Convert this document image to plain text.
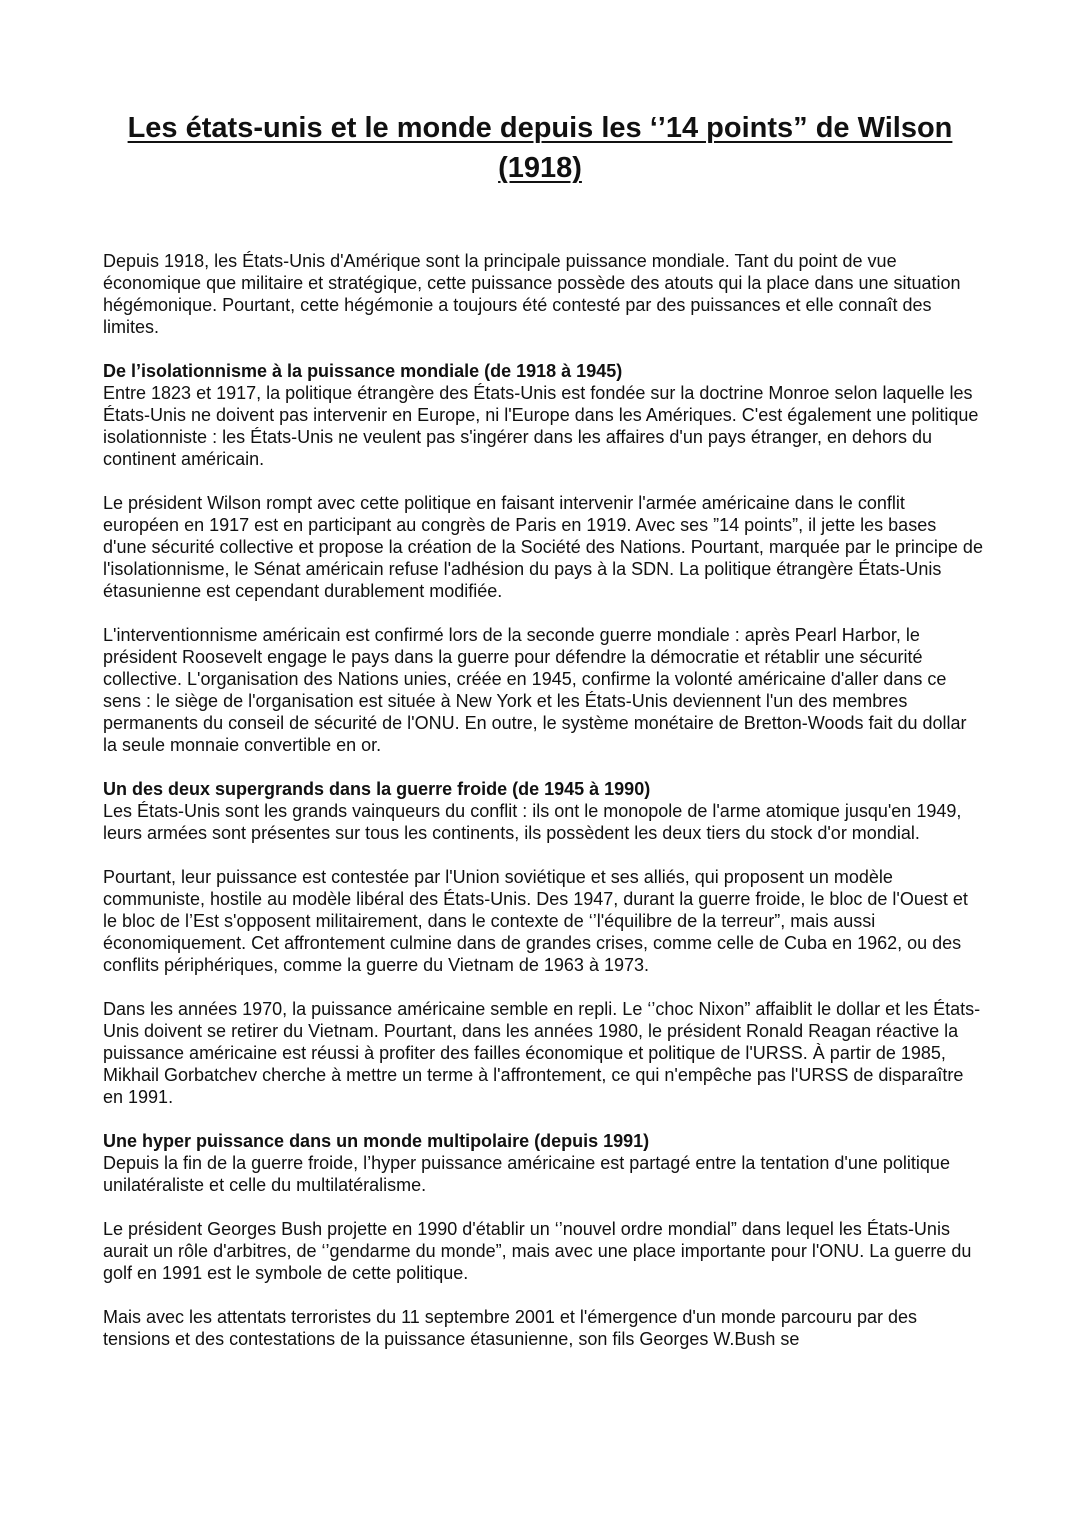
Les états-unis et le monde depuis les ‘’14 points” de Wilson (1918)

Depuis 1918, les États-Unis d'Amérique sont la principale puissance mondiale. Tant du point de vue économique que militaire et stratégique, cette puissance possède des atouts qui la place dans une situation hégémonique. Pourtant, cette hégémonie a toujours été contesté par des puissances et elle connaît des limites.

De l’isolationnisme à la puissance mondiale (de 1918 à 1945)

Entre 1823 et 1917, la politique étrangère des États-Unis est fondée sur la doctrine Monroe selon laquelle les États-Unis ne doivent pas intervenir en Europe, ni l'Europe dans les Amériques. C'est également une politique isolationniste : les États-Unis ne veulent pas s'ingérer dans les affaires d'un pays étranger, en dehors du continent américain.

Le président Wilson rompt avec cette politique en faisant intervenir l'armée américaine dans le conflit européen en 1917 est en participant au congrès de Paris en 1919. Avec ses ”14 points”, il jette les bases d'une sécurité collective et propose la création de la Société des Nations. Pourtant, marquée par le principe de l'isolationnisme, le Sénat américain refuse l'adhésion du pays à la SDN. La politique étrangère États-Unis étasunienne est cependant durablement modifiée.

L'interventionnisme américain est confirmé lors de la seconde guerre mondiale : après Pearl Harbor, le président Roosevelt engage le pays dans la guerre pour défendre la démocratie et rétablir une sécurité collective. L'organisation des Nations unies, créée en 1945, confirme la volonté américaine d'aller dans ce sens : le siège de l'organisation est située à New York et les États-Unis deviennent l'un des membres permanents du conseil de sécurité de l'ONU. En outre, le système monétaire de Bretton-Woods fait du dollar la seule monnaie convertible en or.

Un des deux supergrands dans la guerre froide (de 1945 à 1990)

Les États-Unis sont les grands vainqueurs du conflit : ils ont le monopole de l'arme atomique jusqu'en 1949, leurs armées sont présentes sur tous les continents, ils possèdent les deux tiers du stock d'or mondial.

Pourtant, leur puissance est contestée par l'Union soviétique et ses alliés, qui proposent un modèle communiste, hostile au modèle libéral des États-Unis. Des 1947, durant la guerre froide, le bloc de l'Ouest et le bloc de l’Est s'opposent militairement, dans le contexte de ‘’l'équilibre de la terreur”, mais aussi économiquement. Cet affrontement culmine dans de grandes crises, comme celle de Cuba en 1962, ou des conflits périphériques, comme la guerre du Vietnam de 1963 à 1973.

Dans les années 1970, la puissance américaine semble en repli. Le ‘’choc Nixon” affaiblit le dollar et les États-Unis doivent se retirer du Vietnam. Pourtant, dans les années 1980, le président Ronald Reagan réactive la puissance américaine est réussi à profiter des failles économique et politique de l'URSS. À partir de 1985, Mikhail Gorbatchev cherche à mettre un terme à l'affrontement, ce qui n'empêche pas l'URSS de disparaître en 1991.

Une hyper puissance dans un monde multipolaire (depuis 1991)

Depuis la fin de la guerre froide, l’hyper puissance américaine est partagé entre la tentation d'une politique unilatéraliste et celle du multilatéralisme.

Le président Georges Bush projette en 1990 d'établir un ‘’nouvel ordre mondial” dans lequel les États-Unis aurait un rôle d'arbitres, de ‘’gendarme du monde”, mais avec une place importante pour l'ONU. La guerre du golf en 1991 est le symbole de cette politique.

Mais avec les attentats terroristes du 11 septembre 2001 et l'émergence d'un monde parcouru par des tensions et des contestations de la puissance étasunienne, son fils Georges W.Bush se
